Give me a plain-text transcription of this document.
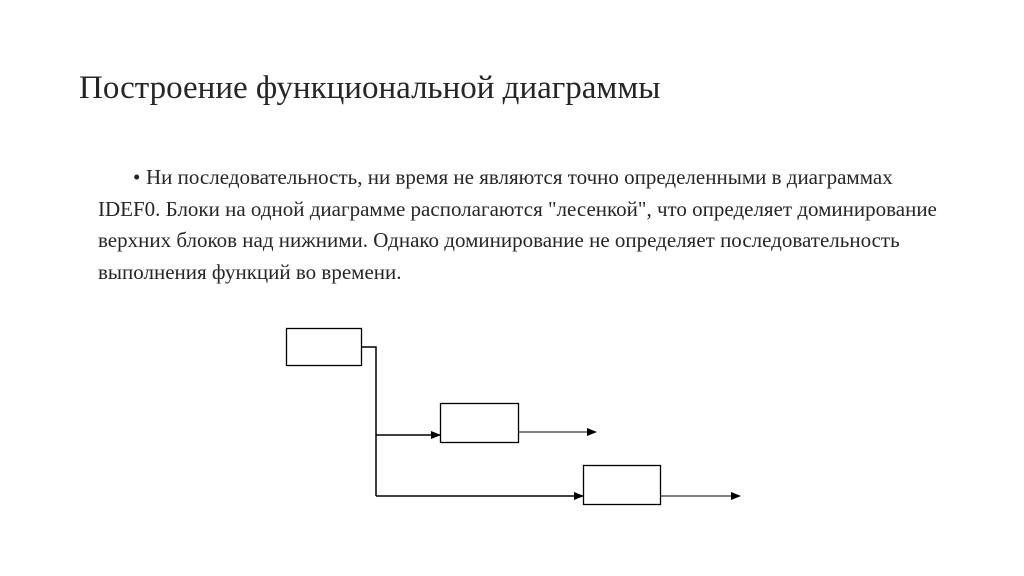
Построение функциональной диаграммы
• Ни последовательность, ни время не являются точно определенными в диаграммах IDEF0. Блоки на одной диаграмме располагаются "лесенкой", что определяет доминирование верхних блоков над нижними. Однако доминирование не определяет последовательность выполнения функций во времени.
